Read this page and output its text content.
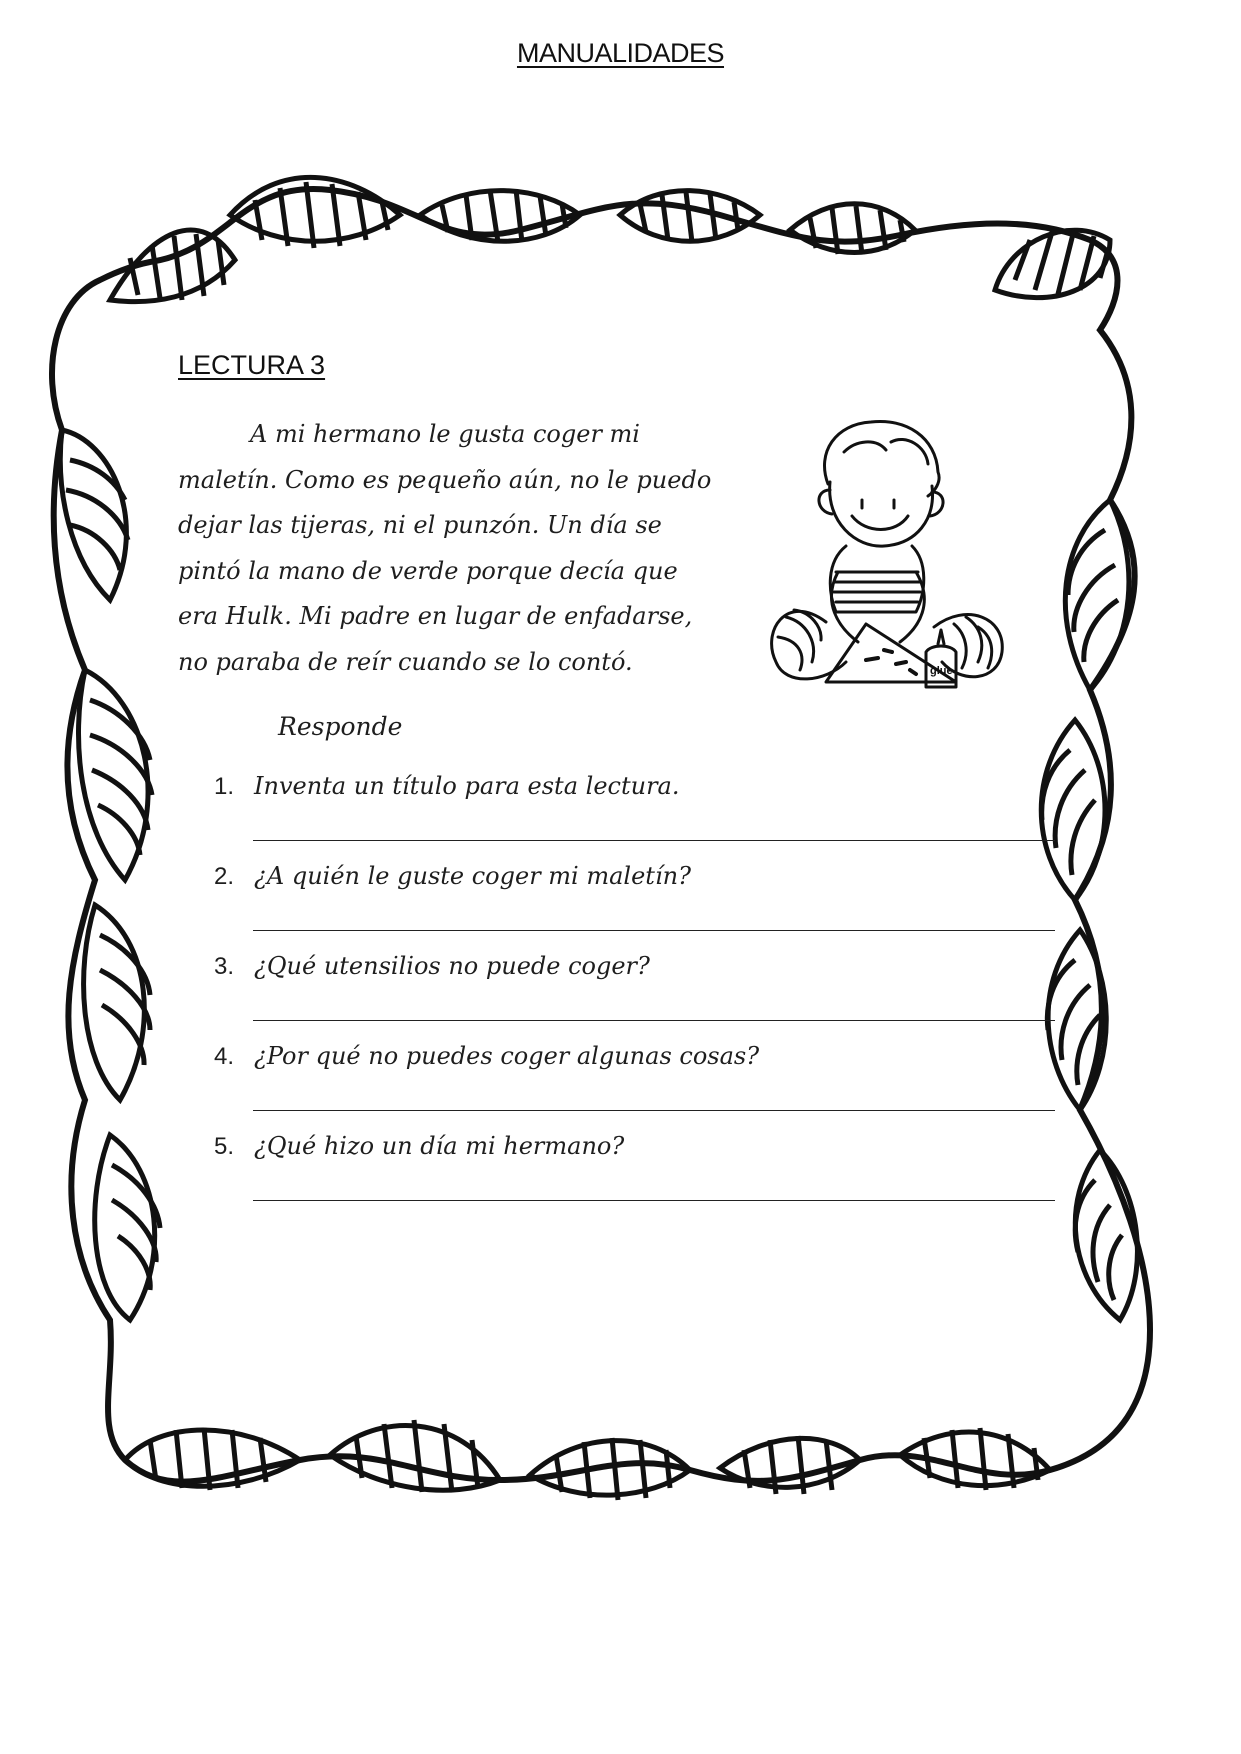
MANUALIDADES
LECTURA 3
A mi hermano le gusta coger mi
maletín. Como es pequeño aún, no le puedo
dejar las tijeras, ni el punzón. Un día se
pintó la mano de verde porque decía que
era Hulk. Mi padre en lugar de enfadarse,
no paraba de reír cuando se lo contó.	glue
Responde
1. Inventa un título para esta lectura.
2. ¿A quién le guste coger mi maletín?
3. ¿Qué utensilios no puede coger?
4. ¿Por qué no puedes coger algunas cosas?
5. ¿Qué hizo un día mi hermano?
